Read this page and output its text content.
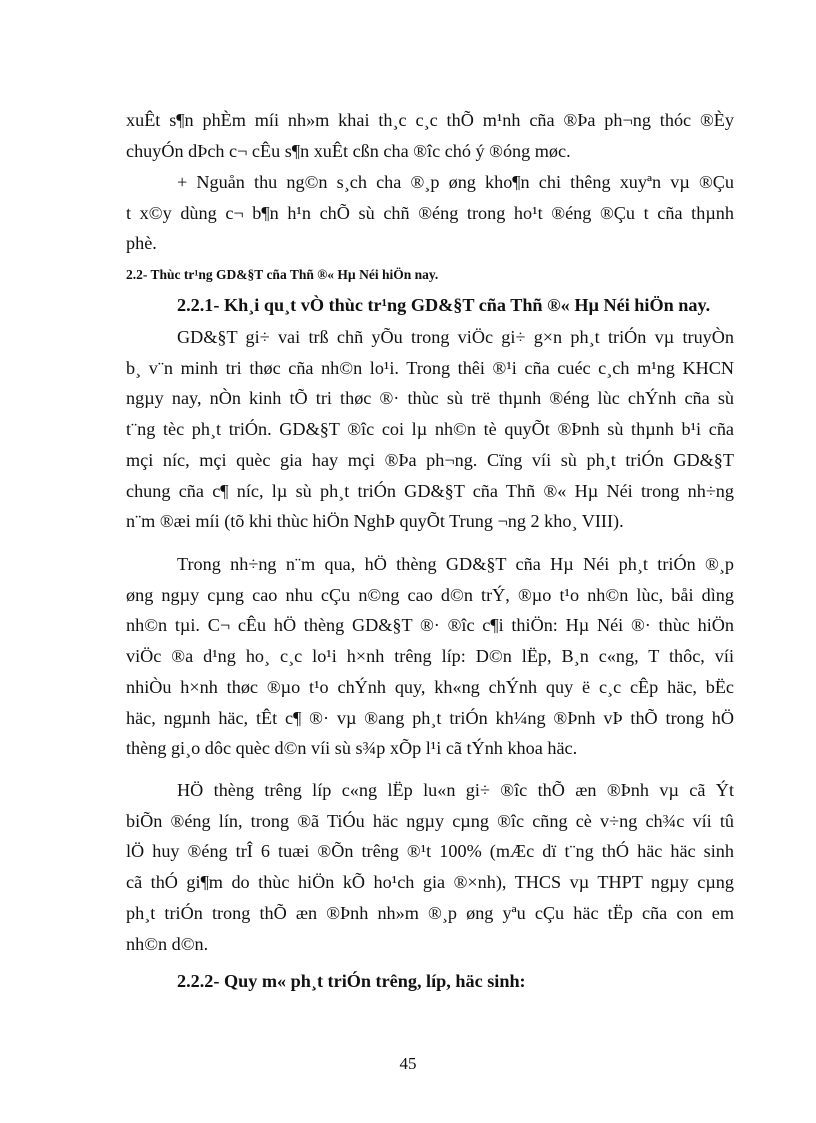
xuÊt s¶n phÈm míi nh»m khai th¸c c¸c thÕ m¹nh cña ®Þa ph¬ng thóc ®Èy
chuyÓn dÞch c¬ cÊu s¶n xuÊt cßn cha ®îc chó ý ®óng møc.
+ Nguån thu ng©n s¸ch cha ®¸p øng kho¶n chi thêng xuyªn vµ ®Çu
t x©y dùng c¬ b¶n h¹n chÕ sù chñ ®éng trong ho¹t ®éng ®Çu t cña thµnh
phè.
2.2- Thùc tr¹ng GD&§T cña Thñ ®« Hµ Néi hiÖn nay.
2.2.1- Kh¸i qu¸t vÒ thùc tr¹ng GD&§T cña Thñ ®« Hµ Néi hiÖn nay.
GD&§T gi÷ vai trß chñ yÕu trong viÖc gi÷ g×n ph¸t triÓn vµ truyÒn
b¸ v¨n minh tri thøc cña nh©n lo¹i. Trong thêi ®¹i cña cuéc c¸ch m¹ng KHCN
ngµy nay, nÒn kinh tÕ tri thøc ®· thùc sù trë thµnh ®éng lùc chÝnh cña sù
t¨ng tèc ph¸t triÓn. GD&§T ®îc coi lµ nh©n tè quyÕt ®Þnh sù thµnh b¹i cña
mçi níc, mçi quèc gia hay mçi ®Þa ph¬ng. Cïng víi sù ph¸t triÓn GD&§T
chung cña c¶ níc, lµ sù ph¸t triÓn GD&§T cña Thñ ®« Hµ Néi trong nh÷ng
n¨m ®æi míi (tõ khi thùc hiÖn NghÞ quyÕt Trung ¬ng 2 kho¸ VIII).
Trong nh÷ng n¨m qua, hÖ thèng GD&§T cña Hµ Néi ph¸t triÓn ®¸p
øng ngµy cµng cao nhu cÇu n©ng cao d©n trÝ, ®µo t¹o nh©n lùc, båi dìng
nh©n tµi. C¬ cÊu hÖ thèng GD&§T ®· ®îc c¶i thiÖn: Hµ Néi ®· thùc hiÖn
viÖc ®a d¹ng ho¸ c¸c lo¹i h×nh trêng líp: D©n lËp, B¸n c«ng, T thôc, víi
nhiÒu h×nh thøc ®µo t¹o chÝnh quy, kh«ng chÝnh quy ë c¸c cÊp häc, bËc
häc, ngµnh häc, tÊt c¶ ®· vµ ®ang ph¸t triÓn kh¼ng ®Þnh vÞ thÕ trong hÖ
thèng gi¸o dôc quèc d©n víi sù s¾p xÕp l¹i cã tÝnh khoa häc.
HÖ thèng trêng líp c«ng lËp lu«n gi÷ ®îc thÕ æn ®Þnh vµ cã Ýt
biÕn ®éng lín, trong ®ã TiÓu häc ngµy cµng ®îc cñng cè v÷ng ch¾c víi tû
lÖ huy ®éng trÎ 6 tuæi ®Õn trêng ®¹t 100% (mÆc dï t¨ng thÓ häc häc sinh
cã thÓ gi¶m do thùc hiÖn kÕ ho¹ch gia ®×nh), THCS vµ THPT ngµy cµng
ph¸t triÓn trong thÕ æn ®Þnh nh»m ®¸p øng yªu cÇu häc tËp cña con em
nh©n d©n.
2.2.2- Quy m« ph¸t triÓn trêng, líp, häc sinh:
45
